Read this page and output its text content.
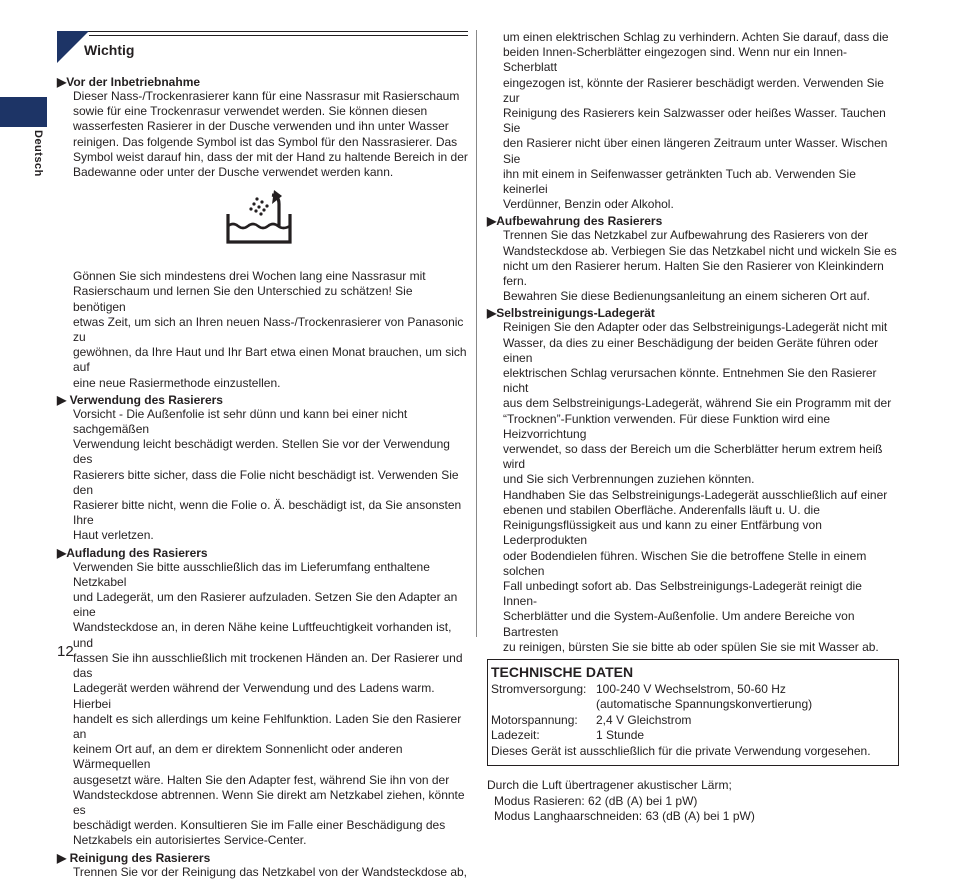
Deutsch
12
Wichtig
▶Vor der Inbetriebnahme
Dieser Nass-/Trockenrasierer kann für eine Nassrasur mit Rasierschaum
sowie für eine Trockenrasur verwendet werden. Sie können diesen
wasserfesten Rasierer in der Dusche verwenden und ihn unter Wasser
reinigen. Das folgende Symbol ist das Symbol für den Nassrasierer. Das
Symbol weist darauf hin, dass der mit der Hand zu haltende Bereich in der
Badewanne oder unter der Dusche verwendet werden kann.
Gönnen Sie sich mindestens drei Wochen lang eine Nassrasur mit
Rasierschaum und lernen Sie den Unterschied zu schätzen! Sie benötigen
etwas Zeit, um sich an Ihren neuen Nass-/Trockenrasierer von Panasonic zu
gewöhnen, da Ihre Haut und Ihr Bart etwa einen Monat brauchen, um sich auf
eine neue Rasiermethode einzustellen.
▶ Verwendung des Rasierers
Vorsicht - Die Außenfolie ist sehr dünn und kann bei einer nicht sachgemäßen
Verwendung leicht beschädigt werden. Stellen Sie vor der Verwendung des
Rasierers bitte sicher, dass die Folie nicht beschädigt ist. Verwenden Sie den
Rasierer bitte nicht, wenn die Folie o. Ä. beschädigt ist, da Sie ansonsten Ihre
Haut verletzen.
▶Aufladung des Rasierers
Verwenden Sie bitte ausschließlich das im Lieferumfang enthaltene Netzkabel
und Ladegerät, um den Rasierer aufzuladen. Setzen Sie den Adapter an eine
Wandsteckdose an, in deren Nähe keine Luftfeuchtigkeit vorhanden ist, und
fassen Sie ihn ausschließlich mit trockenen Händen an. Der Rasierer und das
Ladegerät werden während der Verwendung und des Ladens warm. Hierbei
handelt es sich allerdings um keine Fehlfunktion. Laden Sie den Rasierer an
keinem Ort auf, an dem er direktem Sonnenlicht oder anderen Wärmequellen
ausgesetzt wäre. Halten Sie den Adapter fest, während Sie ihn von der
Wandsteckdose abtrennen. Wenn Sie direkt am Netzkabel ziehen, könnte es
beschädigt werden. Konsultieren Sie im Falle einer Beschädigung des
Netzkabels ein autorisiertes Service-Center.
▶ Reinigung des Rasierers
Trennen Sie vor der Reinigung das Netzkabel von der Wandsteckdose ab,
um einen elektrischen Schlag zu verhindern. Achten Sie darauf, dass die
beiden Innen-Scherblätter eingezogen sind. Wenn nur ein Innen-Scherblatt
eingezogen ist, könnte der Rasierer beschädigt werden. Verwenden Sie zur
Reinigung des Rasierers kein Salzwasser oder heißes Wasser. Tauchen Sie
den Rasierer nicht über einen längeren Zeitraum unter Wasser. Wischen Sie
ihn mit einem in Seifenwasser getränkten Tuch ab. Verwenden Sie keinerlei
Verdünner, Benzin oder Alkohol.
▶Aufbewahrung des Rasierers
Trennen Sie das Netzkabel zur Aufbewahrung des Rasierers von der
Wandsteckdose ab. Verbiegen Sie das Netzkabel nicht und wickeln Sie es
nicht um den Rasierer herum. Halten Sie den Rasierer von Kleinkindern fern.
Bewahren Sie diese Bedienungsanleitung an einem sicheren Ort auf.
▶Selbstreinigungs-Ladegerät
Reinigen Sie den Adapter oder das Selbstreinigungs-Ladegerät nicht mit
Wasser, da dies zu einer Beschädigung der beiden Geräte führen oder einen
elektrischen Schlag verursachen könnte. Entnehmen Sie den Rasierer nicht
aus dem Selbstreinigungs-Ladegerät, während Sie ein Programm mit der
“Trocknen”-Funktion verwenden. Für diese Funktion wird eine Heizvorrichtung
verwendet, so dass der Bereich um die Scherblätter herum extrem heiß wird
und Sie sich Verbrennungen zuziehen könnten.
Handhaben Sie das Selbstreinigungs-Ladegerät ausschließlich auf einer
ebenen und stabilen Oberfläche. Anderenfalls läuft u. U. die
Reinigungsflüssigkeit aus und kann zu einer Entfärbung von Lederprodukten
oder Bodendielen führen. Wischen Sie die betroffene Stelle in einem solchen
Fall unbedingt sofort ab. Das Selbstreinigungs-Ladegerät reinigt die Innen-
Scherblätter und die System-Außenfolie. Um andere Bereiche von Bartresten
zu reinigen, bürsten Sie sie bitte ab oder spülen Sie sie mit Wasser ab.
TECHNISCHE DATEN
Stromversorgung: 100-240 V Wechselstrom, 50-60 Hz
(automatische Spannungskonvertierung)
Motorspannung:	2,4 V Gleichstrom
Ladezeit:	1 Stunde
Dieses Gerät ist ausschließlich für die private Verwendung vorgesehen.
Durch die Luft übertragener akustischer Lärm;
Modus Rasieren: 62 (dB (A) bei 1 pW)
Modus Langhaarschneiden: 63 (dB (A) bei 1 pW)
